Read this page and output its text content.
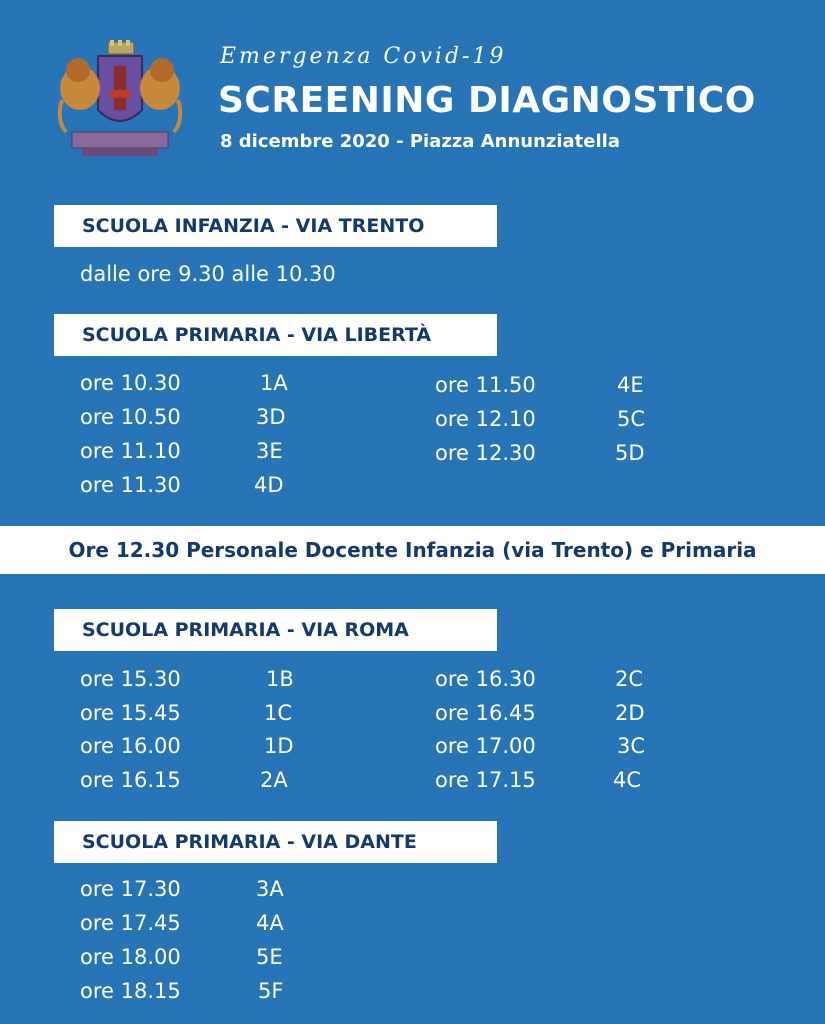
Emergenza Covid-19
SCREENING DIAGNOSTICO
8 dicembre 2020 - Piazza Annunziatella
SCUOLA INFANZIA - VIA TRENTO
dalle ore 9.30 alle 10.30
SCUOLA PRIMARIA - VIA LIBERTÀ
ore 10.30	1A
ore 10.50	3D
ore 11.10	3E
ore 11.30	4D
ore 11.50	4E
ore 12.10	5C
ore 12.30	5D
Ore 12.30 Personale Docente Infanzia (via Trento) e Primaria
SCUOLA PRIMARIA - VIA ROMA
ore 15.30	1B
ore 15.45	1C
ore 16.00	1D
ore 16.15	2A
ore 16.30	2C
ore 16.45	2D
ore 17.00	3C
ore 17.15	4C
SCUOLA PRIMARIA - VIA DANTE
ore 17.30	3A
ore 17.45	4A
ore 18.00	5E
ore 18.15	5F
